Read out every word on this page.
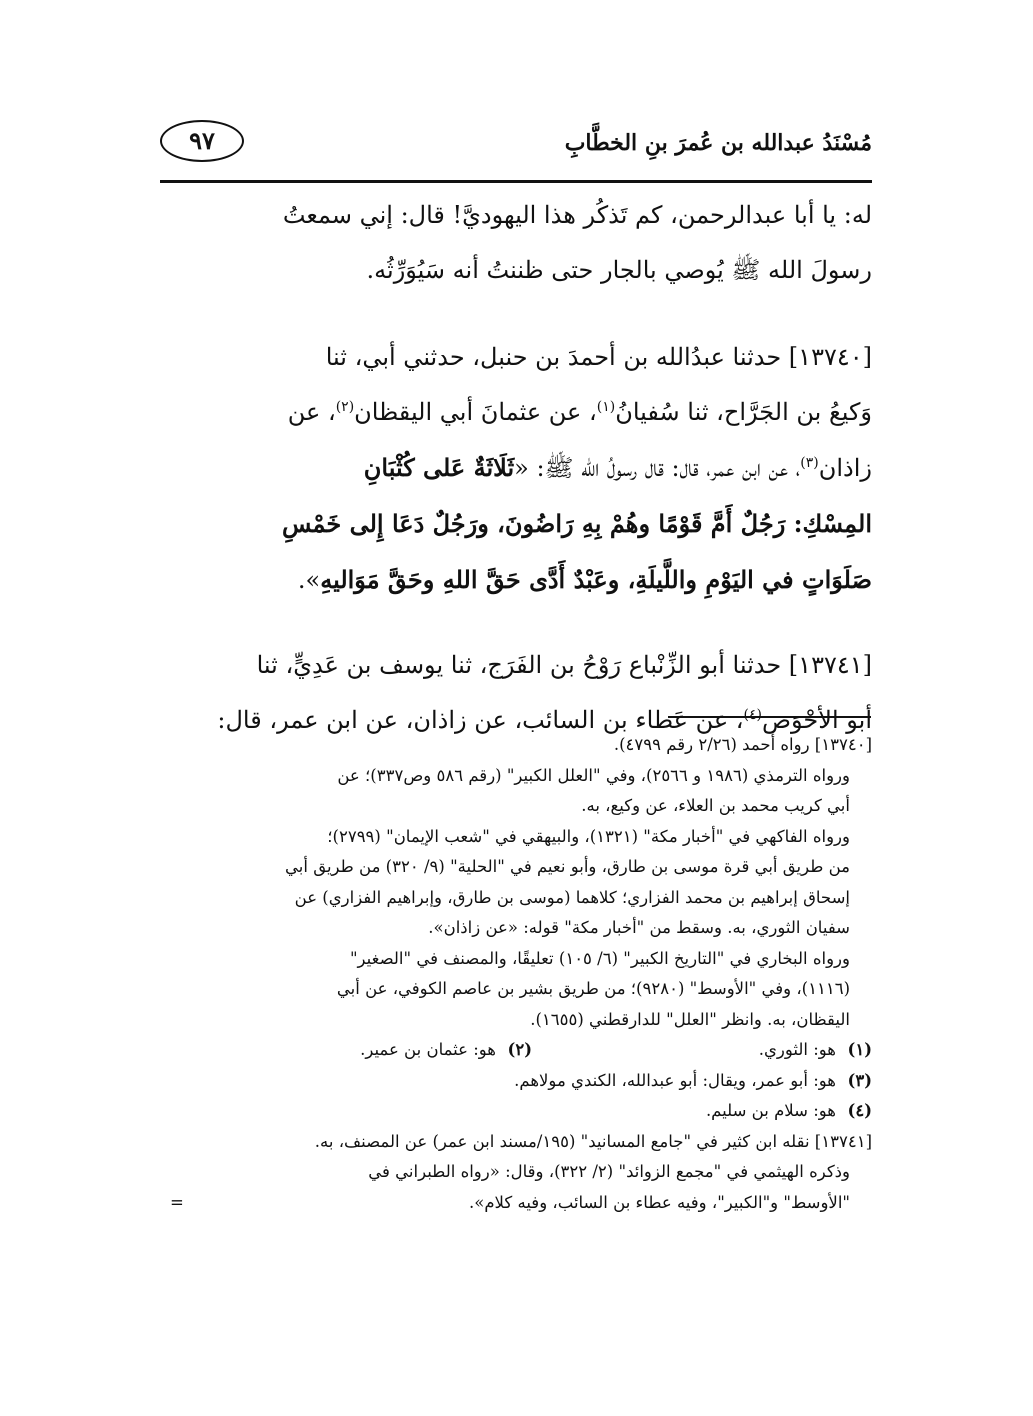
مُسْنَدُ عبدالله بن عُمرَ بنِ الخطَّابِ
٩٧

له: يا أبا عبدالرحمن، كم تَذكُر هذا اليهوديَّ! قال: إني سمعتُ

رسولَ الله ﷺ يُوصي بالجار حتى ظننتُ أنه سَيُوَرِّثُه.

[١٣٧٤٠] حدثنا عبدُالله بن أحمدَ بن حنبل، حدثني أبي، ثنا

وَكيعُ بن الجَرَّاح، ثنا سُفيانُ$^{(١)}$، عن عثمانَ أبي اليقظان$^{(٢)}$، عن

زاذان$^{(٣)}$، عن ابن عمر، قال: قال رسولُ الله ﷺ: «ثَلَاثَةٌ عَلى كُثْبَانِ

المِسْكِ: رَجُلٌ أَمَّ قَوْمًا وهُمْ بِهِ رَاضُونَ، ورَجُلٌ دَعَا إِلى خَمْسِ

صَلَوَاتٍ في اليَوْمِ واللَّيلَةِ، وعَبْدٌ أَدَّى حَقَّ اللهِ وحَقَّ مَوَاليهِ».

[١٣٧٤١] حدثنا أبو الزِّنْباع رَوْحُ بن الفَرَج، ثنا يوسف بن عَدِيٍّ، ثنا

أبو الأحْوَص$^{(٤)}$، عن عَطاء بن السائب، عن زاذان، عن ابن عمر، قال:

[١٣٧٤٠] رواه أحمد (٢/٢٦ رقم ٤٧٩٩).

ورواه الترمذي (١٩٨٦ و ٢٥٦٦)، وفي "العلل الكبير" (رقم ٥٨٦ وص٣٣٧)؛ عن

أبي كريب محمد بن العلاء، عن وكيع، به.

ورواه الفاكهي في "أخبار مكة" (١٣٢١)، والبيهقي في "شعب الإيمان" (٢٧٩٩)؛

من طريق أبي قرة موسى بن طارق، وأبو نعيم في "الحلية" (٩/ ٣٢٠) من طريق أبي

إسحاق إبراهيم بن محمد الفزاري؛ كلاهما (موسى بن طارق، وإبراهيم الفزاري) عن

سفيان الثوري، به. وسقط من "أخبار مكة" قوله: «عن زاذان».

ورواه البخاري في "التاريخ الكبير" (٦/ ١٠٥) تعليقًا، والمصنف في "الصغير"

(١١١٦)، وفي "الأوسط" (٩٢٨٠)؛ من طريق بشير بن عاصم الكوفي، عن أبي

اليقظان، به. وانظر "العلل" للدارقطني (١٦٥٥).

(١)
هو: الثوري.
(٢)
هو: عثمان بن عمير.
(٣)
هو: أبو عمر، ويقال: أبو عبدالله، الكندي مولاهم.
(٤)
هو: سلام بن سليم.

[١٣٧٤١] نقله ابن كثير في "جامع المسانيد" (١٩٥/مسند ابن عمر) عن المصنف، به.

وذكره الهيثمي في "مجمع الزوائد" (٢/ ٣٢٢)، وقال: «رواه الطبراني في

"الأوسط" و"الكبير"، وفيه عطاء بن السائب، وفيه كلام».
=
